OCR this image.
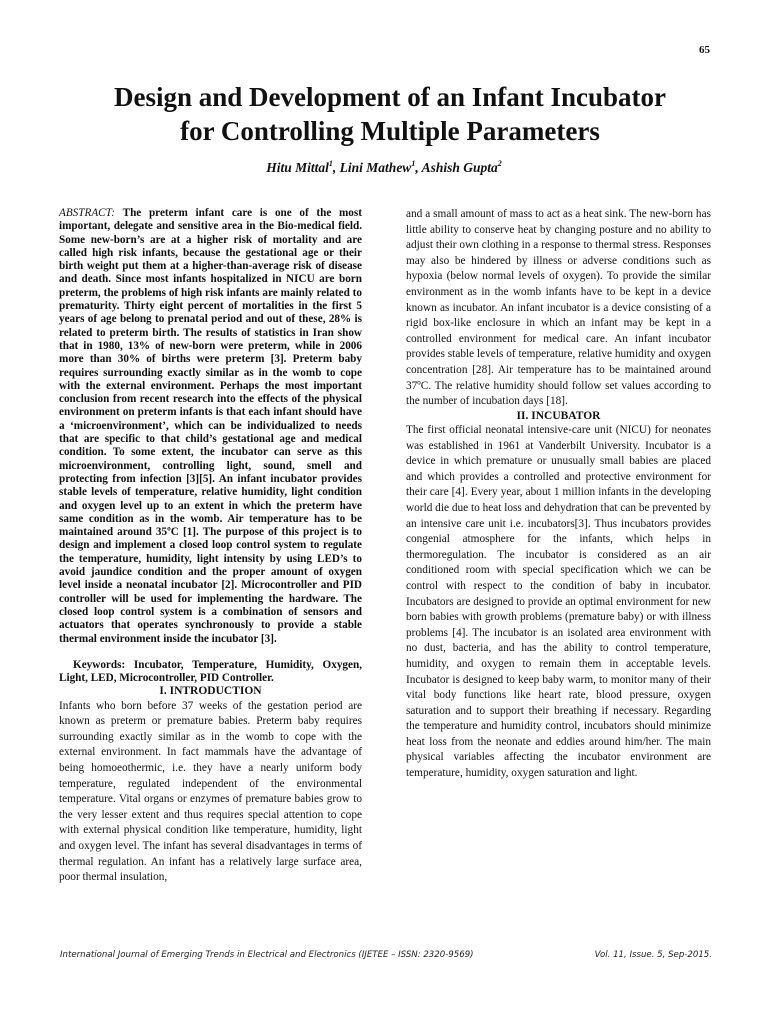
65
Design and Development of an Infant Incubator
for Controlling Multiple Parameters
Hitu Mittal$^1$, Lini Mathew$^1$, Ashish Gupta$^2$

ABSTRACT: The preterm infant care is one of the most important, delegate and sensitive area in the Bio-medical field. Some new-born’s are at a higher risk of mortality and are called high risk infants, because the gestational age or their birth weight put them at a higher-than-average risk of disease and death. Since most infants hospitalized in NICU are born preterm, the problems of high risk infants are mainly related to prematurity. Thirty eight percent of mortalities in the first 5 years of age belong to prenatal period and out of these, 28% is related to preterm birth. The results of statistics in Iran show that in 1980, 13% of new-born were preterm, while in 2006 more than 30% of births were preterm [3]. Preterm baby requires surrounding exactly similar as in the womb to cope with the external environment. Perhaps the most important conclusion from recent research into the effects of the physical environment on preterm infants is that each infant should have a ‘microenvironment’, which can be individualized to needs that are specific to that child’s gestational age and medical condition. To some extent, the incubator can serve as this microenvironment, controlling light, sound, smell and protecting from infection [3][5]. An infant incubator provides stable levels of temperature, relative humidity, light condition and oxygen level up to an extent in which the preterm have same condition as in the womb. Air temperature has to be maintained around 35ºC [1]. The purpose of this project is to design and implement a closed loop control system to regulate the temperature, humidity, light intensity by using LED’s to avoid jaundice condition and the proper amount of oxygen level inside a neonatal incubator [2]. Microcontroller and PID controller will be used for implementing the hardware. The closed loop control system is a combination of sensors and actuators that operates synchronously to provide a stable thermal environment inside the incubator [3].

Keywords: Incubator, Temperature, Humidity, Oxygen, Light, LED, Microcontroller, PID Controller.

I. INTRODUCTION

Infants who born before 37 weeks of the gestation period are known as preterm or premature babies. Preterm baby requires surrounding exactly similar as in the womb to cope with the external environment. In fact mammals have the advantage of being homoeothermic, i.e. they have a nearly uniform body temperature, regulated independent of the environmental temperature. Vital organs or enzymes of premature babies grow to the very lesser extent and thus requires special attention to cope with external physical condition like temperature, humidity, light and oxygen level. The infant has several disadvantages in terms of thermal regulation. An infant has a relatively large surface area, poor thermal insulation,

and a small amount of mass to act as a heat sink. The new-born has little ability to conserve heat by changing posture and no ability to adjust their own clothing in a response to thermal stress. Responses may also be hindered by illness or adverse conditions such as hypoxia (below normal levels of oxygen). To provide the similar environment as in the womb infants have to be kept in a device known as incubator. An infant incubator is a device consisting of a rigid box-like enclosure in which an infant may be kept in a controlled environment for medical care. An infant incubator provides stable levels of temperature, relative humidity and oxygen concentration [28]. Air temperature has to be maintained around 37ºC. The relative humidity should follow set values according to the number of incubation days [18].

II. INCUBATOR

The first official neonatal intensive-care unit (NICU) for neonates was established in 1961 at Vanderbilt University. Incubator is a device in which premature or unusually small babies are placed and which provides a controlled and protective environment for their care [4]. Every year, about 1 million infants in the developing world die due to heat loss and dehydration that can be prevented by an intensive care unit i.e. incubators[3]. Thus incubators provides congenial atmosphere for the infants, which helps in thermoregulation. The incubator is considered as an air conditioned room with special specification which we can be control with respect to the condition of baby in incubator. Incubators are designed to provide an optimal environment for new born babies with growth problems (premature baby) or with illness problems [4]. The incubator is an isolated area environment with no dust, bacteria, and has the ability to control temperature, humidity, and oxygen to remain them in acceptable levels. Incubator is designed to keep baby warm, to monitor many of their vital body functions like heart rate, blood pressure, oxygen saturation and to support their breathing if necessary. Regarding the temperature and humidity control, incubators should minimize heat loss from the neonate and eddies around him/her. The main physical variables affecting the incubator environment are temperature, humidity, oxygen saturation and light.

International Journal of Emerging Trends in Electrical and Electronics (IJETEE – ISSN: 2320-9569)	Vol. 11, Issue. 5, Sep-2015.
